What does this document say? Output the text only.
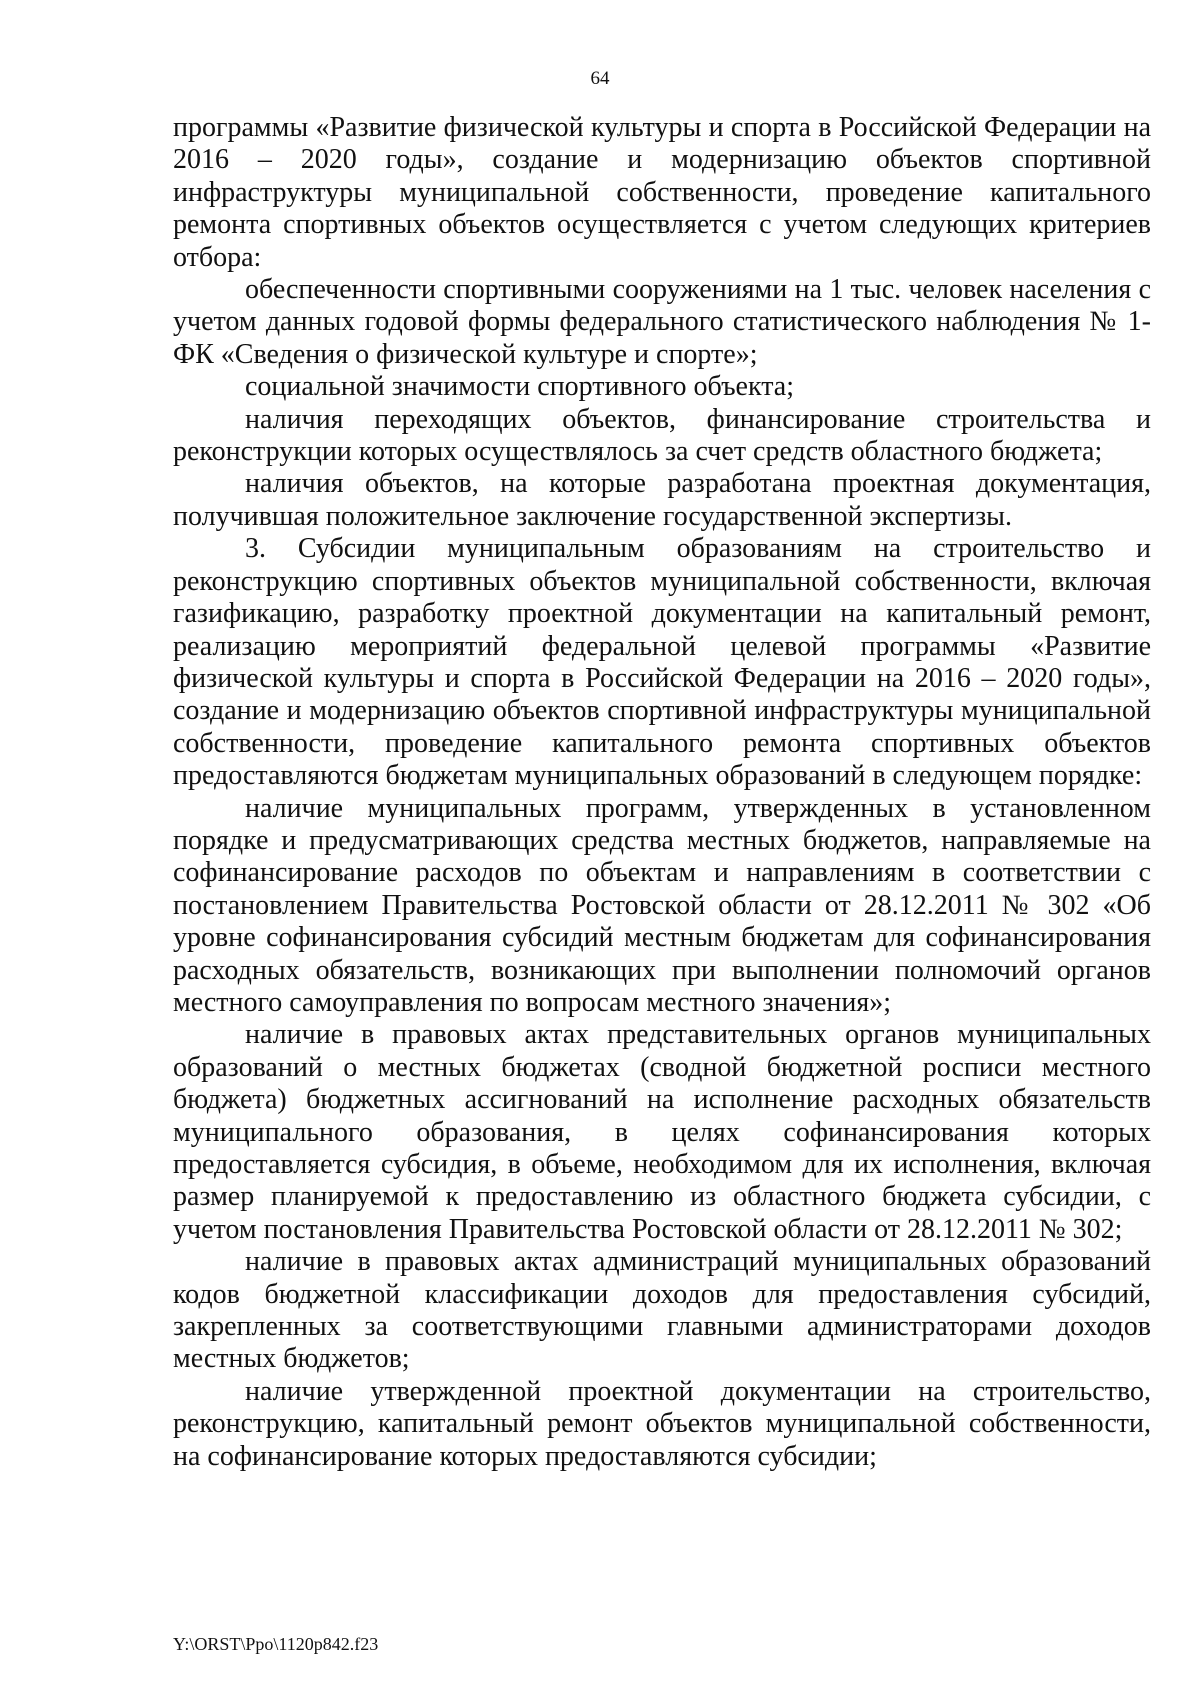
64

программы «Развитие физической культуры и спорта в Российской Федерации на 2016 – 2020 годы», создание и модернизацию объектов спортивной инфраструктуры муниципальной собственности, проведение капитального ремонта спортивных объектов осуществляется с учетом следующих критериев отбора:

обеспеченности спортивными сооружениями на 1 тыс. человек населения с учетом данных годовой формы федерального статистического наблюдения № 1-ФК «Сведения о физической культуре и спорте»;

социальной значимости спортивного объекта;

наличия переходящих объектов, финансирование строительства и реконструкции которых осуществлялось за счет средств областного бюджета;

наличия объектов, на которые разработана проектная документация, получившая положительное заключение государственной экспертизы.

3. Субсидии муниципальным образованиям на строительство и реконструкцию спортивных объектов муниципальной собственности, включая газификацию, разработку проектной документации на капитальный ремонт, реализацию мероприятий федеральной целевой программы «Развитие физической культуры и спорта в Российской Федерации на 2016 – 2020 годы», создание и модернизацию объектов спортивной инфраструктуры муниципальной собственности, проведение капитального ремонта спортивных объектов предоставляются бюджетам муниципальных образований в следующем порядке:

наличие муниципальных программ, утвержденных в установленном порядке и предусматривающих средства местных бюджетов, направляемые на софинансирование расходов по объектам и направлениям в соответствии с постановлением Правительства Ростовской области от 28.12.2011 № 302 «Об уровне софинансирования субсидий местным бюджетам для софинансирования расходных обязательств, возникающих при выполнении полномочий органов местного самоуправления по вопросам местного значения»;

наличие в правовых актах представительных органов муниципальных образований о местных бюджетах (сводной бюджетной росписи местного бюджета) бюджетных ассигнований на исполнение расходных обязательств муниципального образования, в целях софинансирования которых предоставляется субсидия, в объеме, необходимом для их исполнения, включая размер планируемой к предоставлению из областного бюджета субсидии, с учетом постановления Правительства Ростовской области от 28.12.2011 № 302;

наличие в правовых актах администраций муниципальных образований кодов бюджетной классификации доходов для предоставления субсидий, закрепленных за соответствующими главными администраторами доходов местных бюджетов;

наличие утвержденной проектной документации на строительство, реконструкцию, капитальный ремонт объектов муниципальной собственности, на софинансирование которых предоставляются субсидии;

Y:\ORST\Ppo\1120p842.f23
